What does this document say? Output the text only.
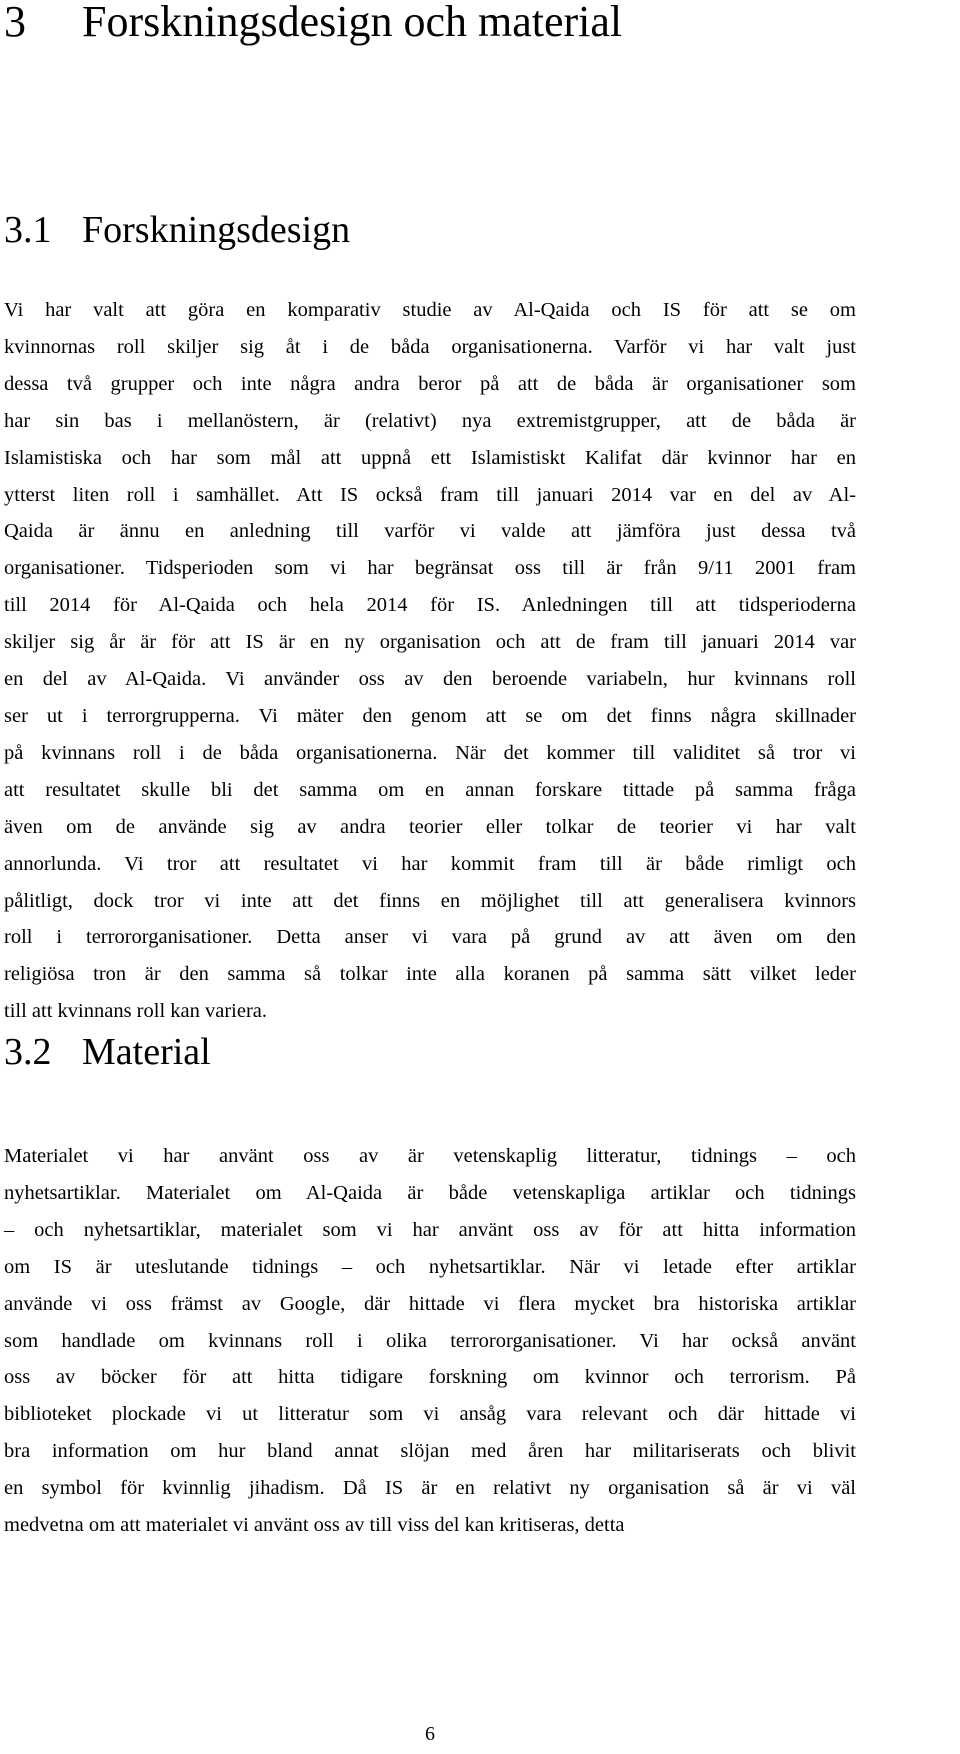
3 Forskningsdesign och material
3.1 Forskningsdesign
Vi har valt att göra en komparativ studie av Al-Qaida och IS för att se om
kvinnornas roll skiljer sig åt i de båda organisationerna. Varför vi har valt just
dessa två grupper och inte några andra beror på att de båda är organisationer som
har sin bas i mellanöstern, är (relativt) nya extremistgrupper, att de båda är
Islamistiska och har som mål att uppnå ett Islamistiskt Kalifat där kvinnor har en
ytterst liten roll i samhället. Att IS också fram till januari 2014 var en del av Al-
Qaida är ännu en anledning till varför vi valde att jämföra just dessa två
organisationer. Tidsperioden som vi har begränsat oss till är från 9/11 2001 fram
till 2014 för Al-Qaida och hela 2014 för IS. Anledningen till att tidsperioderna
skiljer sig år är för att IS är en ny organisation och att de fram till januari 2014 var
en del av Al-Qaida. Vi använder oss av den beroende variabeln, hur kvinnans roll
ser ut i terrorgrupperna. Vi mäter den genom att se om det finns några skillnader
på kvinnans roll i de båda organisationerna. När det kommer till validitet så tror vi
att resultatet skulle bli det samma om en annan forskare tittade på samma fråga
även om de använde sig av andra teorier eller tolkar de teorier vi har valt
annorlunda. Vi tror att resultatet vi har kommit fram till är både rimligt och
pålitligt, dock tror vi inte att det finns en möjlighet till att generalisera kvinnors
roll i terrororganisationer. Detta anser vi vara på grund av att även om den
religiösa tron är den samma så tolkar inte alla koranen på samma sätt vilket leder
till att kvinnans roll kan variera.
3.2 Material
Materialet vi har använt oss av är vetenskaplig litteratur, tidnings – och
nyhetsartiklar. Materialet om Al-Qaida är både vetenskapliga artiklar och tidnings
– och nyhetsartiklar, materialet som vi har använt oss av för att hitta information
om IS är uteslutande tidnings – och nyhetsartiklar. När vi letade efter artiklar
använde vi oss främst av Google, där hittade vi flera mycket bra historiska artiklar
som handlade om kvinnans roll i olika terrororganisationer. Vi har också använt
oss av böcker för att hitta tidigare forskning om kvinnor och terrorism. På
biblioteket plockade vi ut litteratur som vi ansåg vara relevant och där hittade vi
bra information om hur bland annat slöjan med åren har militariserats och blivit
en symbol för kvinnlig jihadism. Då IS är en relativt ny organisation så är vi väl
medvetna om att materialet vi använt oss av till viss del kan kritiseras, detta
6
